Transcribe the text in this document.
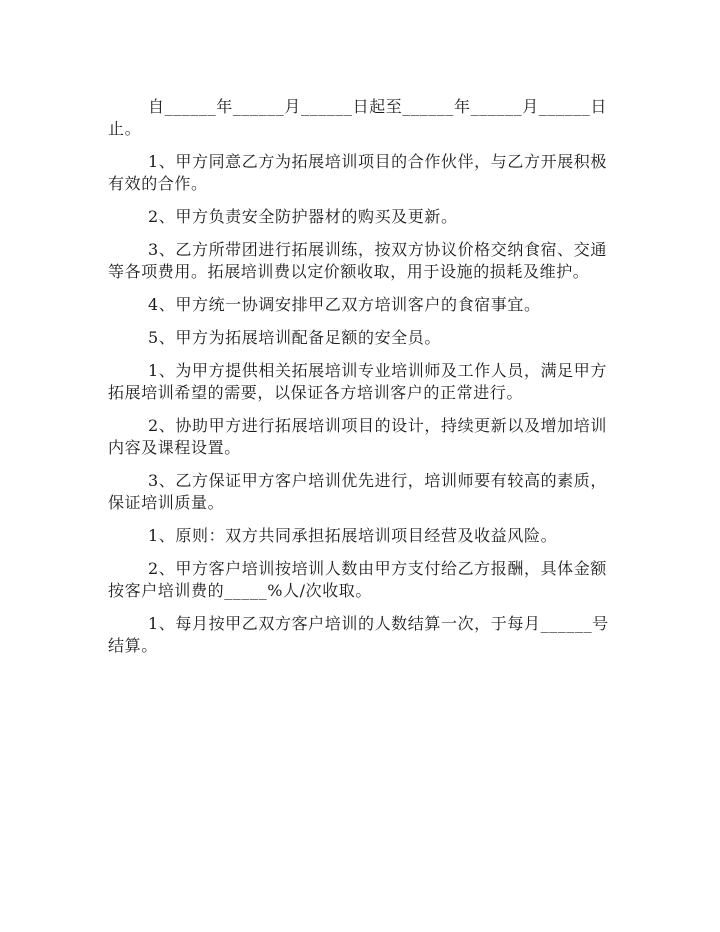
自______年______月______日起至______年______月______日止。

1、甲方同意乙方为拓展培训项目的合作伙伴，与乙方开展积极有效的合作。

2、甲方负责安全防护器材的购买及更新。

3、乙方所带团进行拓展训练，按双方协议价格交纳食宿、交通等各项费用。拓展培训费以定价额收取，用于设施的损耗及维护。

4、甲方统一协调安排甲乙双方培训客户的食宿事宜。

5、甲方为拓展培训配备足额的安全员。

1、为甲方提供相关拓展培训专业培训师及工作人员，满足甲方拓展培训希望的需要，以保证各方培训客户的正常进行。

2、协助甲方进行拓展培训项目的设计，持续更新以及增加培训内容及课程设置。

3、乙方保证甲方客户培训优先进行，培训师要有较高的素质，保证培训质量。

1、原则：双方共同承担拓展培训项目经营及收益风险。

2、甲方客户培训按培训人数由甲方支付给乙方报酬，具体金额按客户培训费的_____%人/次收取。

1、每月按甲乙双方客户培训的人数结算一次，于每月______号结算。
